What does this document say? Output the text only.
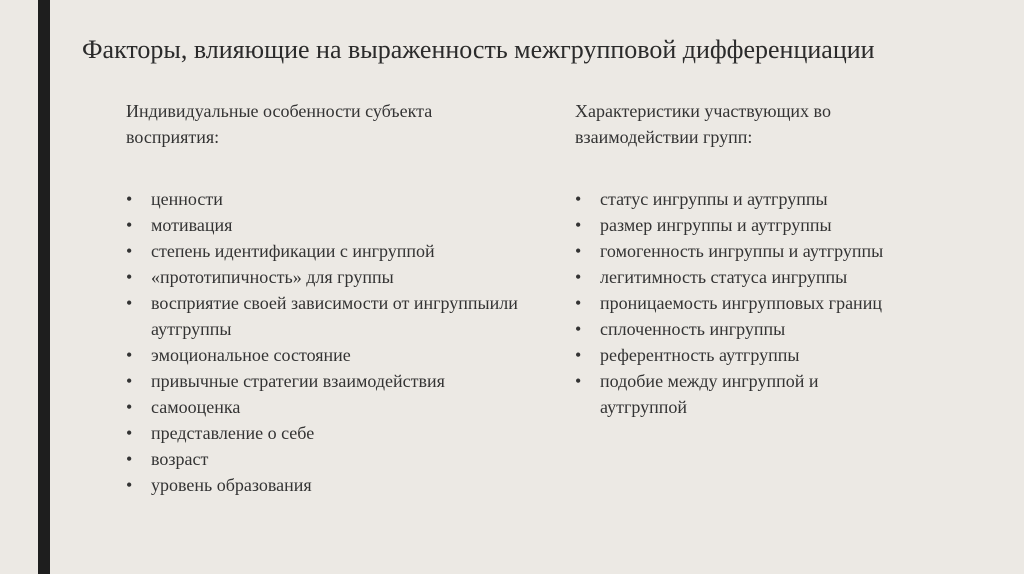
Факторы, влияющие на выраженность межгрупповой дифференциации
Индивидуальные особенности субъекта восприятия:
• ценности
• мотивация
• степень идентификации с ингруппой
• «прототипичность» для группы
• восприятие своей зависимости от ингруппыили аутгруппы
• эмоциональное состояние
• привычные стратегии взаимодействия
• самооценка
• представление о себе
• возраст
• уровень образования
Характеристики участвующих во взаимодействии групп:
• статус ингруппы и аутгруппы
• размер ингруппы и аутгруппы
• гомогенность ингруппы и аутгруппы
• легитимность статуса ингруппы
• проницаемость ингрупповых границ
• сплоченность ингруппы
• референтность аутгруппы
• подобие между ингруппой и аутгруппой
